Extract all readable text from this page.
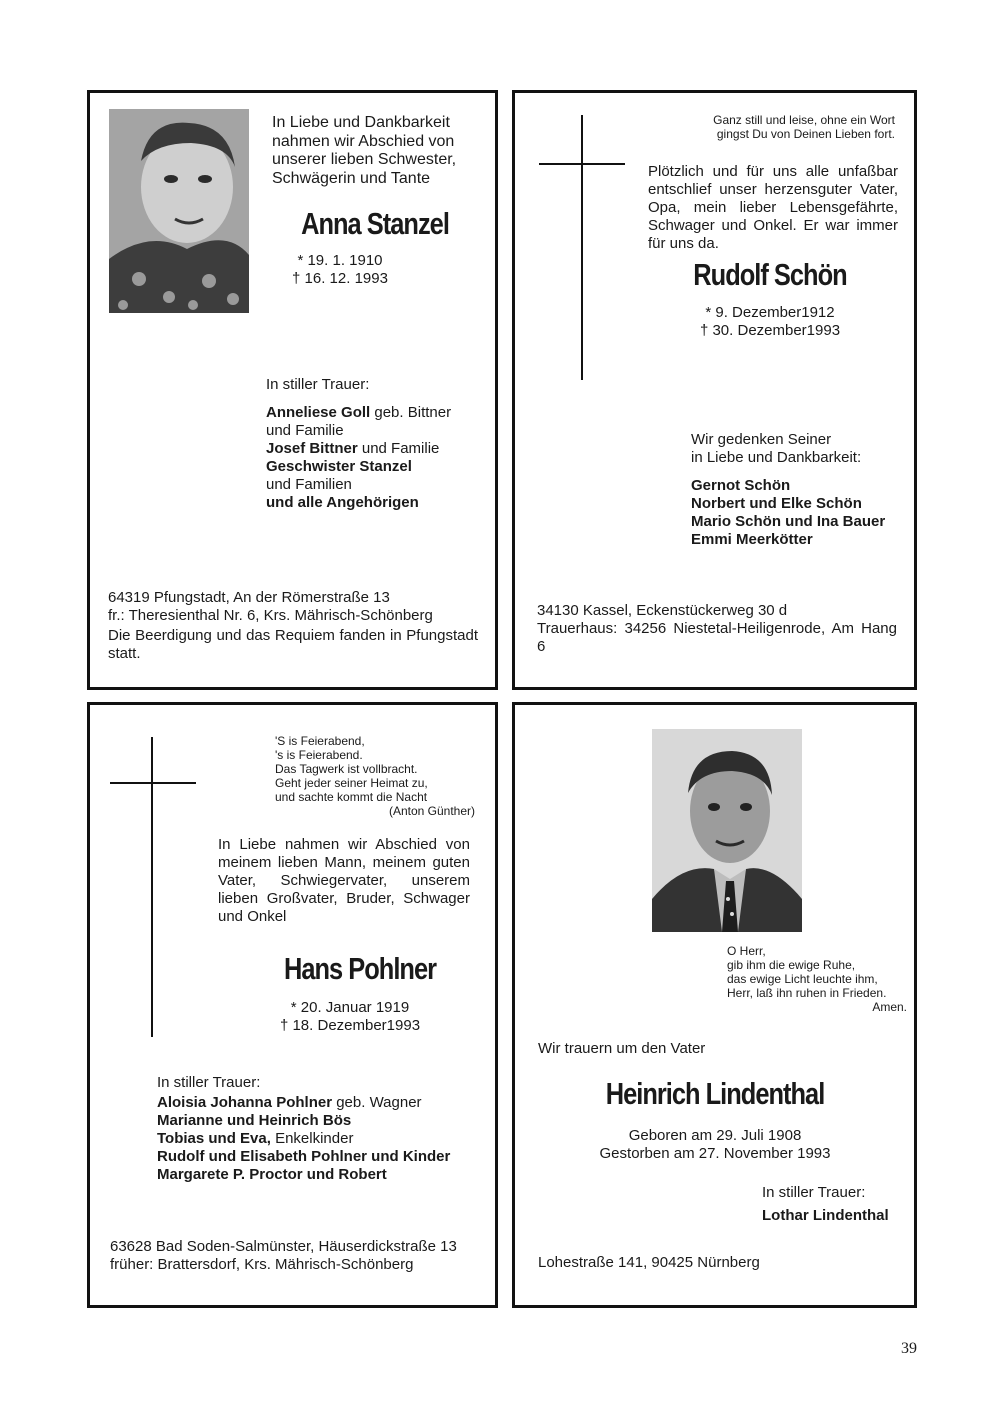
In Liebe und Dankbarkeit
nahmen wir Abschied von
unserer lieben Schwester,
Schwägerin und Tante
Anna Stanzel
* 19. 1. 1910
† 16. 12. 1993
In stiller Trauer:
Anneliese Goll geb. Bittner
und Familie
Josef Bittner und Familie
Geschwister Stanzel
und Familien
und alle Angehörigen
64319 Pfungstadt, An der Römerstraße 13
fr.: Theresienthal Nr. 6, Krs. Mährisch-Schönberg
Die Beerdigung und das Requiem fanden in Pfungstadt statt.
Ganz still und leise, ohne ein Wort
gingst Du von Deinen Lieben fort.
Plötzlich und für uns alle unfaßbar entschlief unser herzensguter Vater, Opa, mein lieber Lebensgefährte, Schwager und Onkel. Er war immer für uns da.
Rudolf Schön
* 9. Dezember1912
† 30. Dezember1993
Wir gedenken Seiner
in Liebe und Dankbarkeit:
Gernot Schön
Norbert und Elke Schön
Mario Schön und Ina Bauer
Emmi Meerkötter
34130 Kassel, Eckenstückerweg 30 d
Trauerhaus: 34256 Niestetal-Heiligenrode, Am Hang 6
'S is Feierabend,
's is Feierabend.
Das Tagwerk ist vollbracht.
Geht jeder seiner Heimat zu,
und sachte kommt die Nacht
(Anton Günther)
In Liebe nahmen wir Abschied von meinem lieben Mann, meinem guten Vater, Schwiegervater, unserem lieben Großvater, Bruder, Schwager und Onkel
Hans Pohlner
* 20. Januar 1919
† 18. Dezember1993
In stiller Trauer:
Aloisia Johanna Pohlner geb. Wagner
Marianne und Heinrich Bös
Tobias und Eva, Enkelkinder
Rudolf und Elisabeth Pohlner und Kinder
Margarete P. Proctor und Robert
63628 Bad Soden-Salmünster, Häuserdickstraße 13
früher: Brattersdorf, Krs. Mährisch-Schönberg
O Herr,
gib ihm die ewige Ruhe,
das ewige Licht leuchte ihm,
Herr, laß ihn ruhen in Frieden.
Amen.
Wir trauern um den Vater
Heinrich Lindenthal
Geboren am 29. Juli 1908
Gestorben am 27. November 1993
In stiller Trauer:
Lothar Lindenthal
Lohestraße 141, 90425 Nürnberg
39
